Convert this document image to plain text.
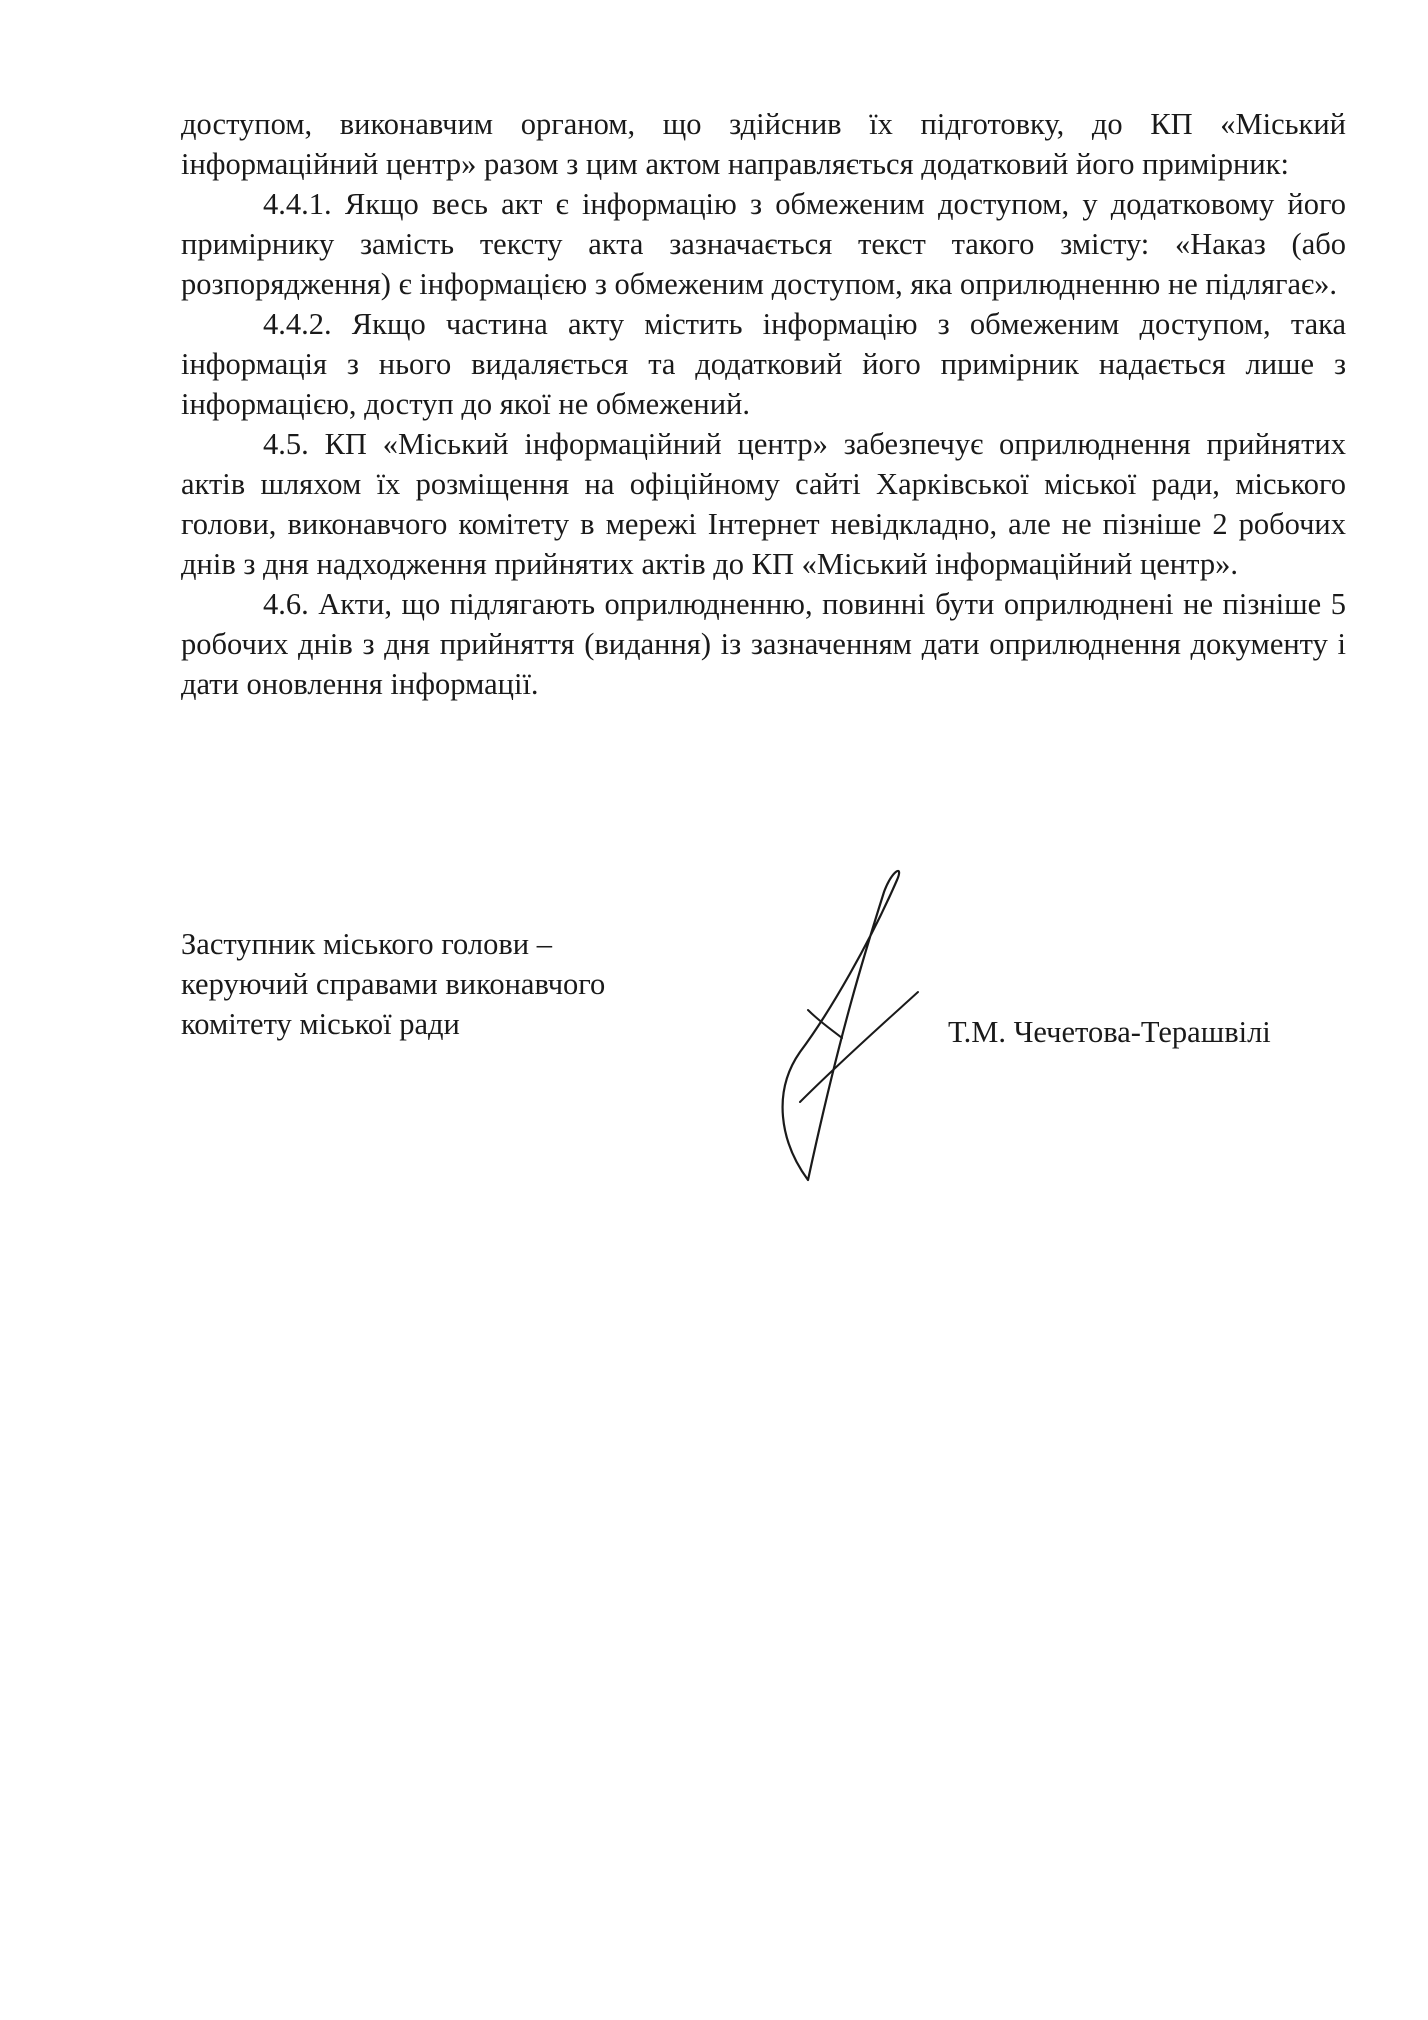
доступом, виконавчим органом, що здійснив їх підготовку, до КП «Міський інформаційний центр» разом з цим актом направляється додатковий його примірник:

4.4.1. Якщо весь акт є інформацію з обмеженим доступом, у додатковому його примірнику замість тексту акта зазначається текст такого змісту: «Наказ (або розпорядження) є інформацією з обмеженим доступом, яка оприлюдненню не підлягає».

4.4.2. Якщо частина акту містить інформацію з обмеженим доступом, така інформація з нього видаляється та додатковий його примірник надається лише з інформацією, доступ до якої не обмежений.

4.5. КП «Міський інформаційний центр» забезпечує оприлюднення прийнятих актів шляхом їх розміщення на офіційному сайті Харківської міської ради, міського голови, виконавчого комітету в мережі Інтернет невідкладно, але не пізніше 2 робочих днів з дня надходження прийнятих актів до КП «Міський інформаційний центр».

4.6. Акти, що підлягають оприлюдненню, повинні бути оприлюднені не пізніше 5 робочих днів з дня прийняття (видання) із зазначенням дати оприлюднення документу і дати оновлення інформації.

Заступник міського голови –
керуючий справами виконавчого
комітету міської ради	Т.М. Чечетова-Терашвілі
